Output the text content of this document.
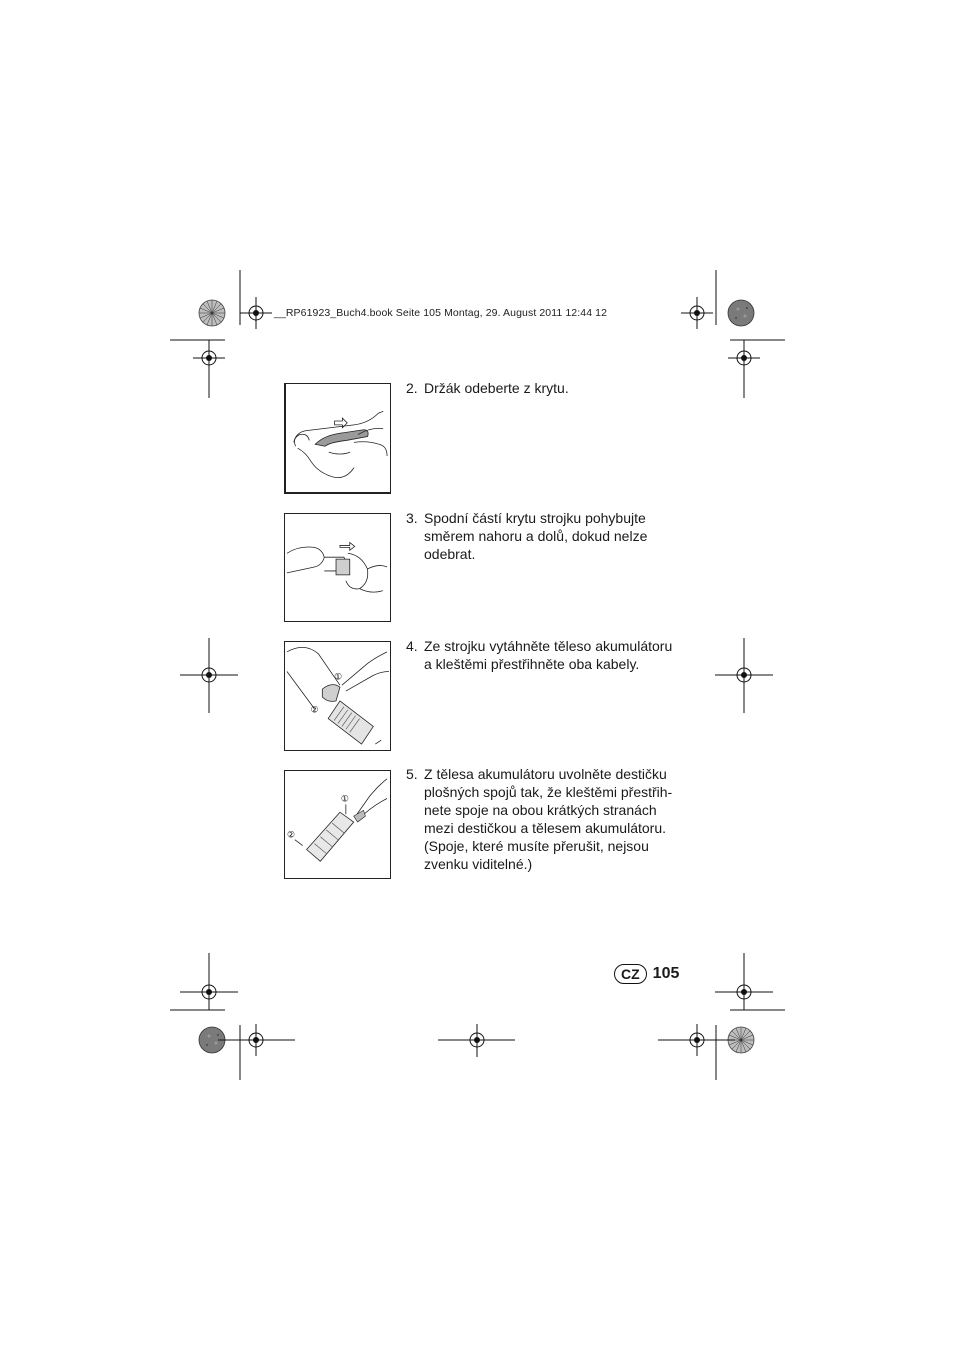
__RP61923_Buch4.book Seite 105 Montag, 29. August 2011 12:44 12
2. Držák odeberte z krytu.
3. Spodní částí krytu strojku pohybujte
směrem nahoru a dolů, dokud nelze
odebrat.
①
②
4. Ze strojku vytáhněte těleso akumulátoru
a kleštěmi přestřihněte oba kabely.
①
②
5. Z tělesa akumulátoru uvolněte destičku
plošných spojů tak, že kleštěmi přestřih-
nete spoje na obou krátkých stranách
mezi destičkou a tělesem akumulátoru.
(Spoje, které musíte přerušit, nejsou
zvenku viditelné.)
CZ 105
